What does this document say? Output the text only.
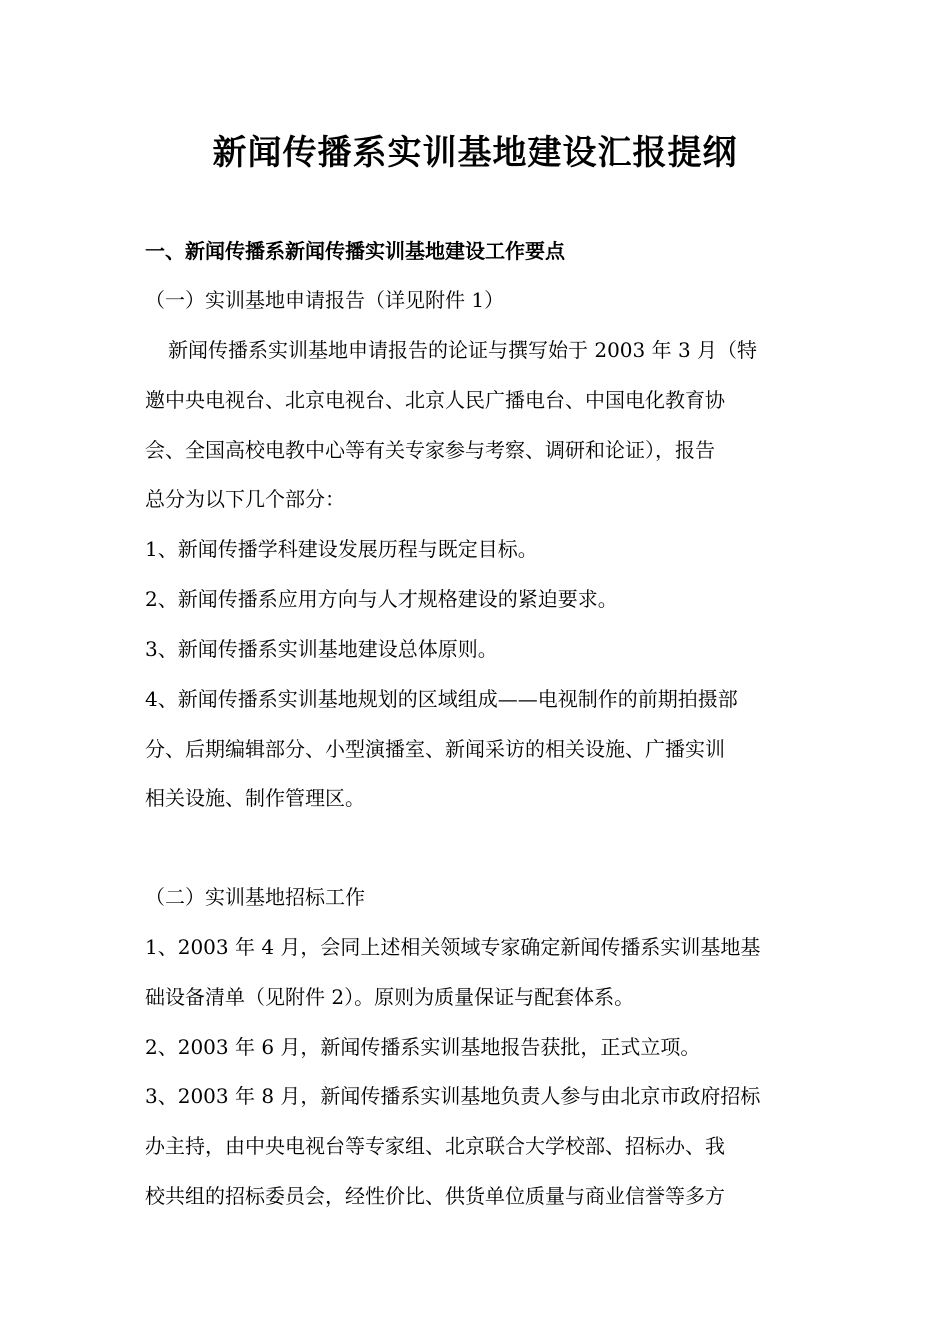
新闻传播系实训基地建设汇报提纲
一、新闻传播系新闻传播实训基地建设工作要点
（一）实训基地申请报告（详见附件 1）
新闻传播系实训基地申请报告的论证与撰写始于 2003 年 3 月（特
邀中央电视台、北京电视台、北京人民广播电台、中国电化教育协
会、全国高校电教中心等有关专家参与考察、调研和论证），报告
总分为以下几个部分：
1、新闻传播学科建设发展历程与既定目标。
2、新闻传播系应用方向与人才规格建设的紧迫要求。
3、新闻传播系实训基地建设总体原则。
4、新闻传播系实训基地规划的区域组成——电视制作的前期拍摄部
分、后期编辑部分、小型演播室、新闻采访的相关设施、广播实训
相关设施、制作管理区。
（二）实训基地招标工作
1、2003 年 4 月，会同上述相关领域专家确定新闻传播系实训基地基
础设备清单（见附件 2）。原则为质量保证与配套体系。
2、2003 年 6 月，新闻传播系实训基地报告获批，正式立项。
3、2003 年 8 月，新闻传播系实训基地负责人参与由北京市政府招标
办主持，由中央电视台等专家组、北京联合大学校部、招标办、我
校共组的招标委员会，经性价比、供货单位质量与商业信誉等多方
